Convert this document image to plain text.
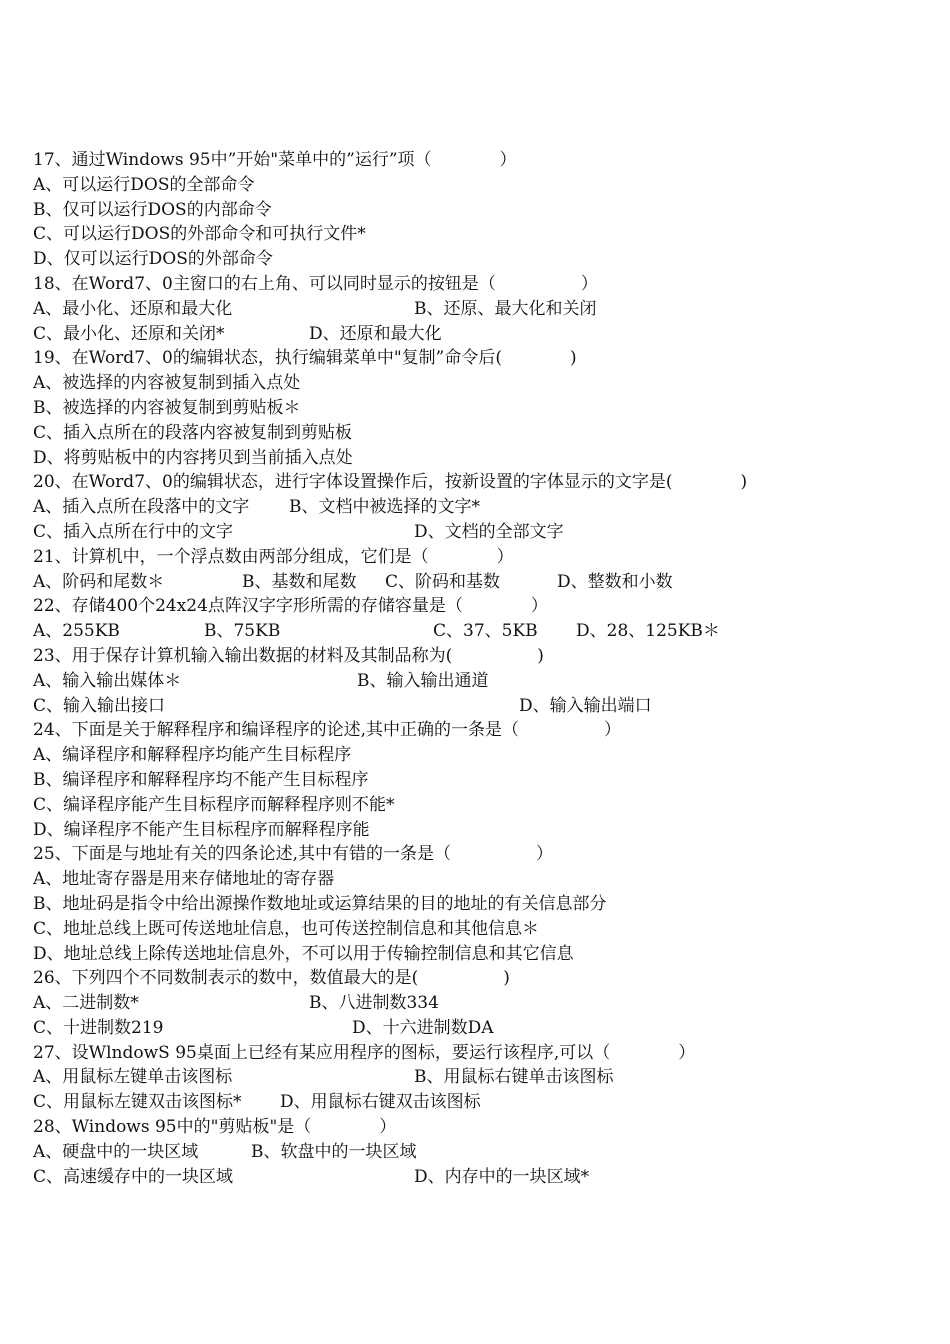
17、通过Windows 95中”开始"菜单中的”运行”项（　　　　）
A、可以运行DOS的全部命令
B、仅可以运行DOS的内部命令
C、可以运行DOS的外部命令和可执行文件*
D、仅可以运行DOS的外部命令
18、在Word7、0主窗口的右上角、可以同时显示的按钮是（　　　　　）

A、最小化、还原和最大化

	B、还原、最大化和关闭

C、最小化、还原和关闭*

	D、还原和最大化

19、在Word7、0的编辑状态，执行编辑菜单中"复制”命令后(　　　　)
A、被选择的内容被复制到插入点处
B、被选择的内容被复制到剪贴板＊
C、插入点所在的段落内容被复制到剪贴板
D、将剪贴板中的内容拷贝到当前插入点处
20、在Word7、0的编辑状态，进行字体设置操作后，按新设置的字体显示的文字是(　　　　)

A、插入点所在段落中的文字

B、文档中被选择的文字*

C、插入点所在行中的文字

	D、文档的全部文字

21、计算机中，一个浮点数由两部分组成，它们是（　　　　）

A、阶码和尾数＊

	B、基数和尾数

C、阶码和基数

	D、整数和小数

22、存储400个24x24点阵汉字字形所需的存储容量是（　　　　）

A、255KB

	B、75KB

	C、37、5KB

D、28、125KB＊

23、用于保存计算机输入输出数据的材料及其制品称为(　　　　　)

A、输入输出媒体＊

	B、输入输出通道

C、输入输出接口

	D、输入输出端口

24、下面是关于解释程序和编译程序的论述,其中正确的一条是（　　　　　）
A、编译程序和解释程序均能产生目标程序
B、编译程序和解释程序均不能产生目标程序
C、编译程序能产生目标程序而解释程序则不能*
D、编译程序不能产生目标程序而解释程序能
25、下面是与地址有关的四条论述,其中有错的一条是（　　　　　）
A、地址寄存器是用来存储地址的寄存器
B、地址码是指令中给出源操作数地址或运算结果的目的地址的有关信息部分
C、地址总线上既可传送地址信息，也可传送控制信息和其他信息＊
D、地址总线上除传送地址信息外，不可以用于传输控制信息和其它信息
26、下列四个不同数制表示的数中，数值最大的是(　　　　　)

A、二进制数*

	B、八进制数334

C、十进制数219

	D、十六进制数DA

27、设WlndowS 95桌面上已经有某应用程序的图标，要运行该程序,可以（　　　　）

A、用鼠标左键单击该图标

	B、用鼠标右键单击该图标

C、用鼠标左键双击该图标*

D、用鼠标右键双击该图标

28、Windows 95中的"剪贴板"是（　　　　）

A、硬盘中的一块区域

	B、软盘中的一块区域

C、高速缓存中的一块区域

	D、内存中的一块区域*
